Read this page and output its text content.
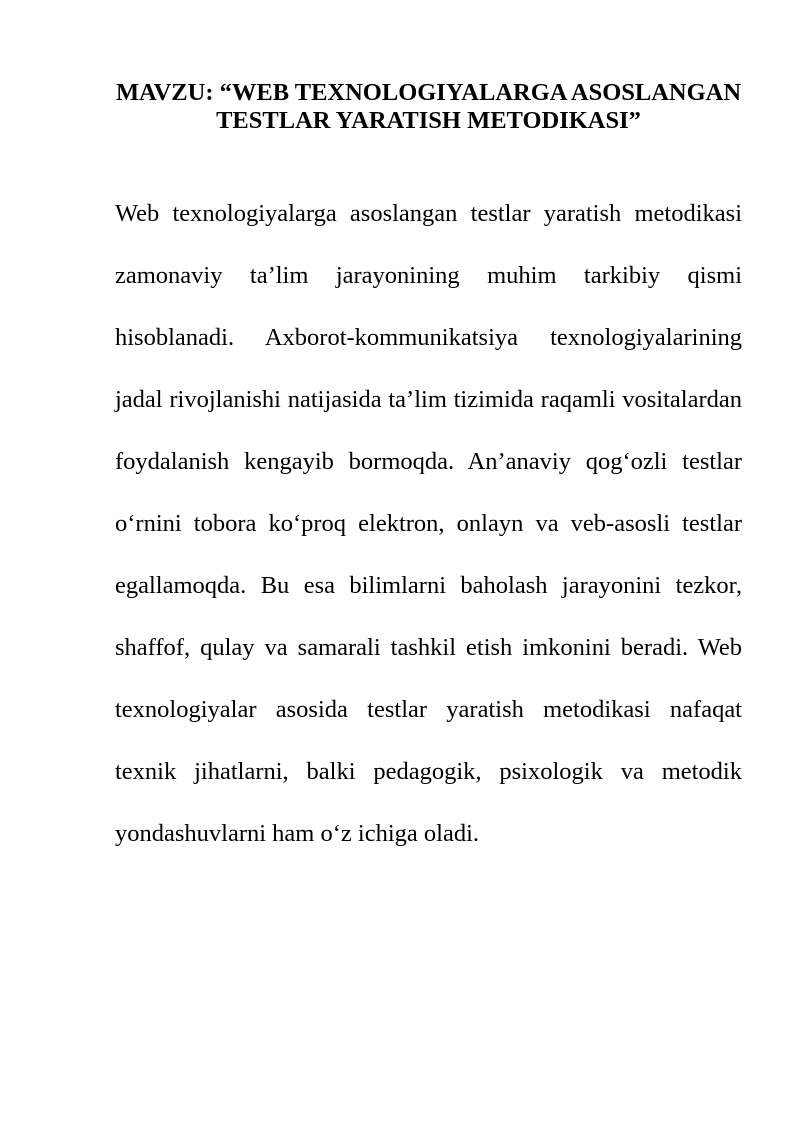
MAVZU: “WEB TEXNOLOGIYALARGA ASOSLANGAN TESTLAR YARATISH METODIKASI”

Web texnologiyalarga asoslangan testlar yaratish metodikasi zamonaviy ta’lim jarayonining muhim tarkibiy qismi hisoblanadi. Axborot-kommunikatsiya texnologiyalarining jadal rivojlanishi natijasida ta’lim tizimida raqamli vositalardan foydalanish kengayib bormoqda. An’anaviy qog‘ozli testlar o‘rnini tobora ko‘proq elektron, onlayn va veb-asosli testlar egallamoqda. Bu esa bilimlarni baholash jarayonini tezkor, shaffof, qulay va samarali tashkil etish imkonini beradi. Web texnologiyalar asosida testlar yaratish metodikasi nafaqat texnik jihatlarni, balki pedagogik, psixologik va metodik yondashuvlarni ham o‘z ichiga oladi.
